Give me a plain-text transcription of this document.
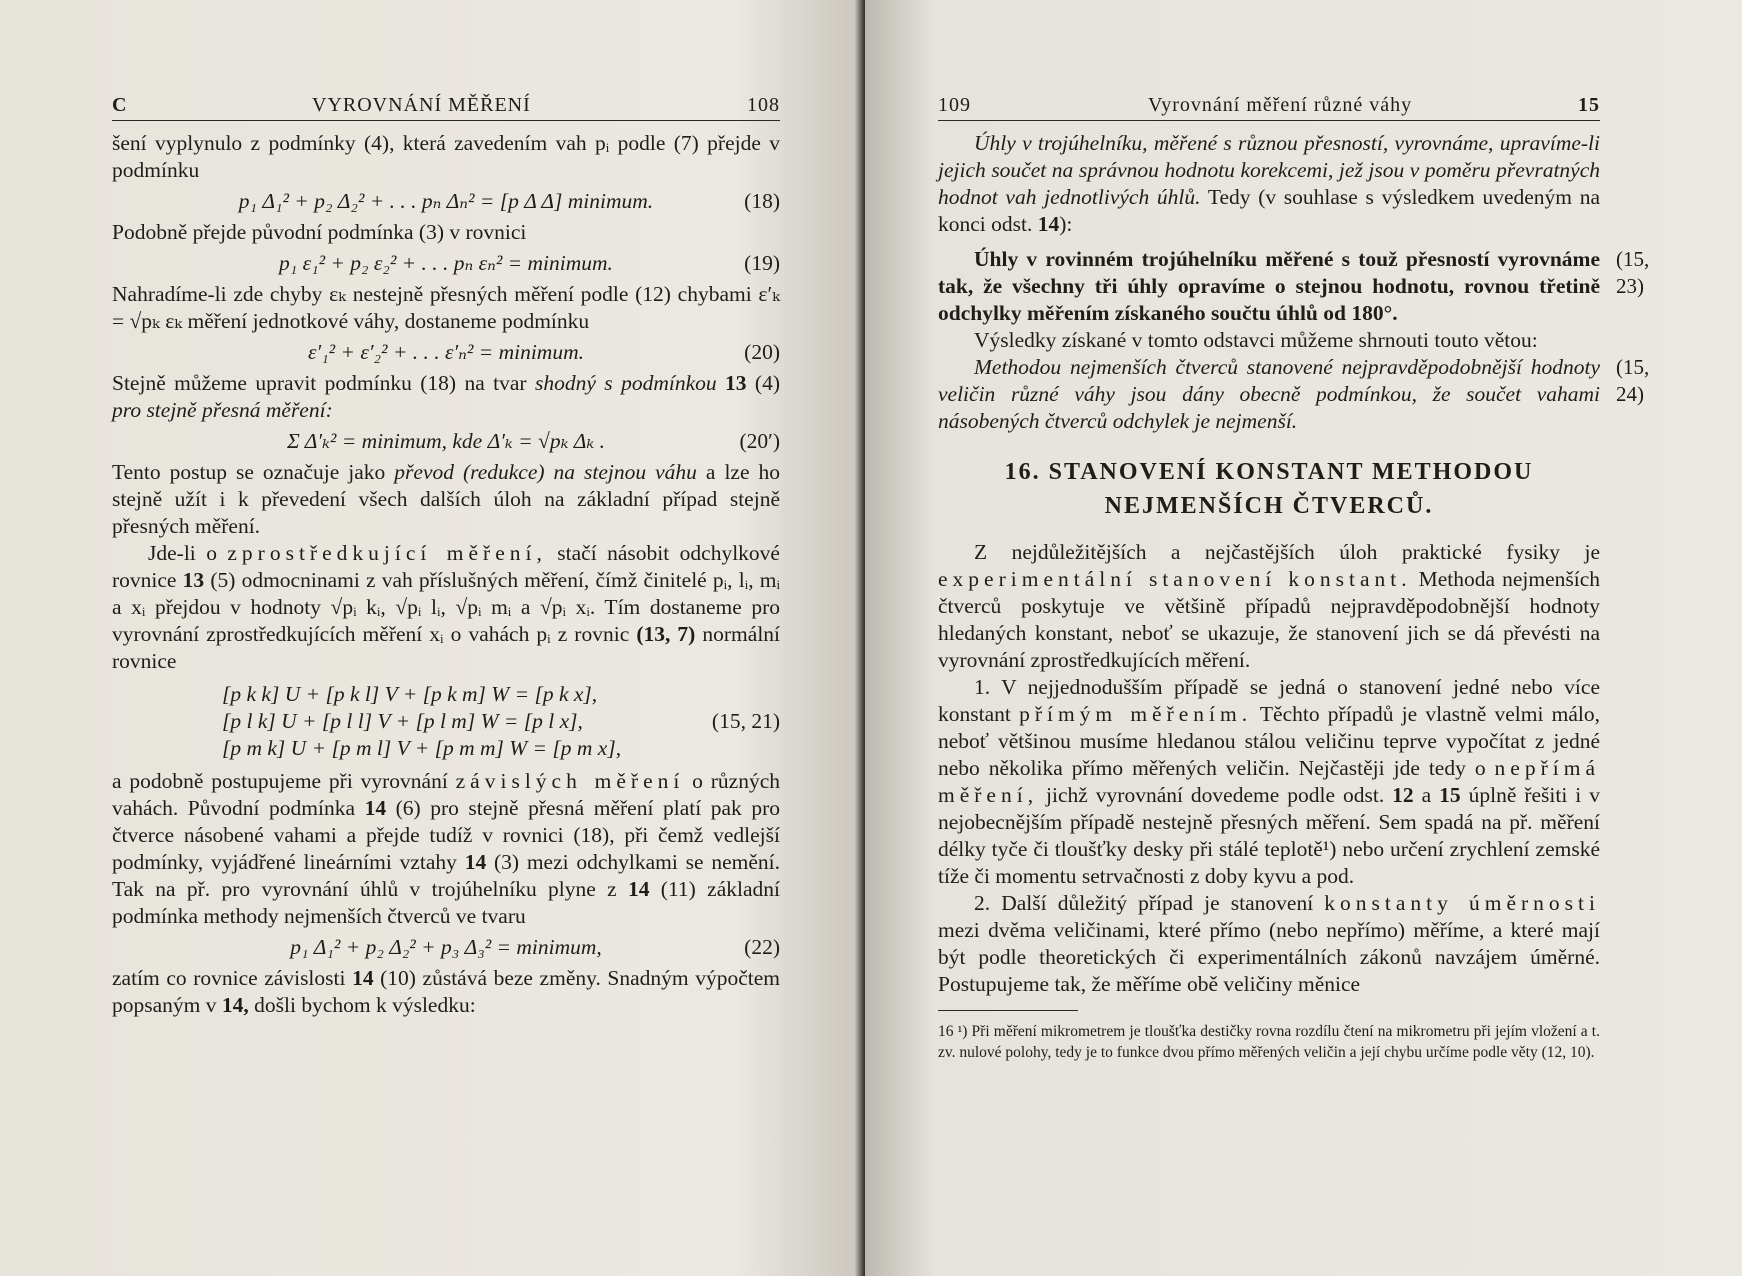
C	VYROVNÁNÍ MĚŘENÍ	108

šení vyplynulo z podmínky (4), která zavedením vah pᵢ podle (7) přejde v podmínku

p₁ Δ₁² + p₂ Δ₂² + . . . pₙ Δₙ² = [p Δ Δ] minimum.	(18)

Podobně přejde původní podmínka (3) v rovnici

p₁ ε₁² + p₂ ε₂² + . . . pₙ εₙ² = minimum.	(19)

Nahradíme-li zde chyby εₖ nestejně přesných měření podle (12) chybami ε′ₖ = √pₖ εₖ měření jednotkové váhy, dostaneme podmínku

ε′₁² + ε′₂² + . . . ε′ₙ² = minimum.	(20)

Stejně můžeme upravit podmínku (18) na tvar shodný s podmínkou 13 (4) pro stejně přesná měření:

Σ Δ′ₖ² = minimum, kde Δ′ₖ = √pₖ Δₖ .	(20′)

Tento postup se označuje jako převod (redukce) na stejnou váhu a lze ho stejně užít i k převedení všech dalších úloh na základní případ stejně přesných měření.

Jde-li o zprostředkující měření, stačí násobit odchylkové rovnice 13 (5) odmocninami z vah příslušných měření, čímž činitelé pᵢ, lᵢ, mᵢ a xᵢ přejdou v hodnoty √pᵢ kᵢ, √pᵢ lᵢ, √pᵢ mᵢ a √pᵢ xᵢ. Tím dostaneme pro vyrovnání zprostředkujících měření xᵢ o vahách pᵢ z rovnic (13, 7) normální rovnice

[p k k] U + [p k l] V + [p k m] W = [p k x],
[p l k] U + [p l l] V + [p l m] W = [p l x],
[p m k] U + [p m l] V + [p m m] W = [p m x],
(15, 21)

a podobně postupujeme při vyrovnání závislých měření o různých vahách. Původní podmínka 14 (6) pro stejně přesná měření platí pak pro čtverce násobené vahami a přejde tudíž v rovnici (18), při čemž vedlejší podmínky, vyjádřené lineárními vztahy 14 (3) mezi odchylkami se nemění. Tak na př. pro vyrovnání úhlů v trojúhelníku plyne z 14 (11) základní podmínka methody nejmenších čtverců ve tvaru

p₁ Δ₁² + p₂ Δ₂² + p₃ Δ₃² = minimum,	(22)

zatím co rovnice závislosti 14 (10) zůstává beze změny. Snadným výpočtem popsaným v 14, došli bychom k výsledku:

109	Vyrovnání měření různé váhy	15

Úhly v trojúhelníku, měřené s různou přesností, vyrovnáme, upravíme-li jejich součet na správnou hodnotu korekcemi, jež jsou v poměru převratných hodnot vah jednotlivých úhlů. Tedy (v souhlase s výsledkem uvedeným na konci odst. 14):

Úhly v rovinném trojúhelníku měřené s touž přesností vyrovnáme tak, že všechny tři úhly opravíme o stejnou hodnotu, rovnou třetině odchylky měřením získaného součtu úhlů od 180°.

(15, 23)

Výsledky získané v tomto odstavci můžeme shrnouti touto větou:

Methodou nejmenších čtverců stanovené nejpravděpodobnější hodnoty veličin různé váhy jsou dány obecně podmínkou, že součet vahami násobených čtverců odchylek je nejmenší.

(15, 24)
16. STANOVENÍ KONSTANT METHODOU
NEJMENŠÍCH ČTVERCŮ.

Z nejdůležitějších a nejčastějších úloh praktické fysiky je experimentální stanovení konstant. Methoda nejmenších čtverců poskytuje ve většině případů nejpravděpodobnější hodnoty hledaných konstant, neboť se ukazuje, že stanovení jich se dá převésti na vyrovnání zprostředkujících měření.

1. V nejjednodušším případě se jedná o stanovení jedné nebo více konstant přímým měřením. Těchto případů je vlastně velmi málo, neboť většinou musíme hledanou stálou veličinu teprve vypočítat z jedné nebo několika přímo měřených veličin. Nejčastěji jde tedy o nepřímá měření, jichž vyrovnání dovedeme podle odst. 12 a 15 úplně řešiti i v nejobecnějším případě nestejně přesných měření. Sem spadá na př. měření délky tyče či tloušťky desky při stálé teplotě¹) nebo určení zrychlení zemské tíže či momentu setrvačnosti z doby kyvu a pod.

2. Další důležitý případ je stanovení konstanty úměrnosti mezi dvěma veličinami, které přímo (nebo nepřímo) měříme, a které mají být podle theoretických či experimentálních zákonů navzájem úměrné. Postupujeme tak, že měříme obě veličiny měnice

16 ¹) Při měření mikrometrem je tloušťka destičky rovna rozdílu čtení na mikrometru při jejím vložení a t. zv. nulové polohy, tedy je to funkce dvou přímo měřených veličin a její chybu určíme podle věty (12, 10).
